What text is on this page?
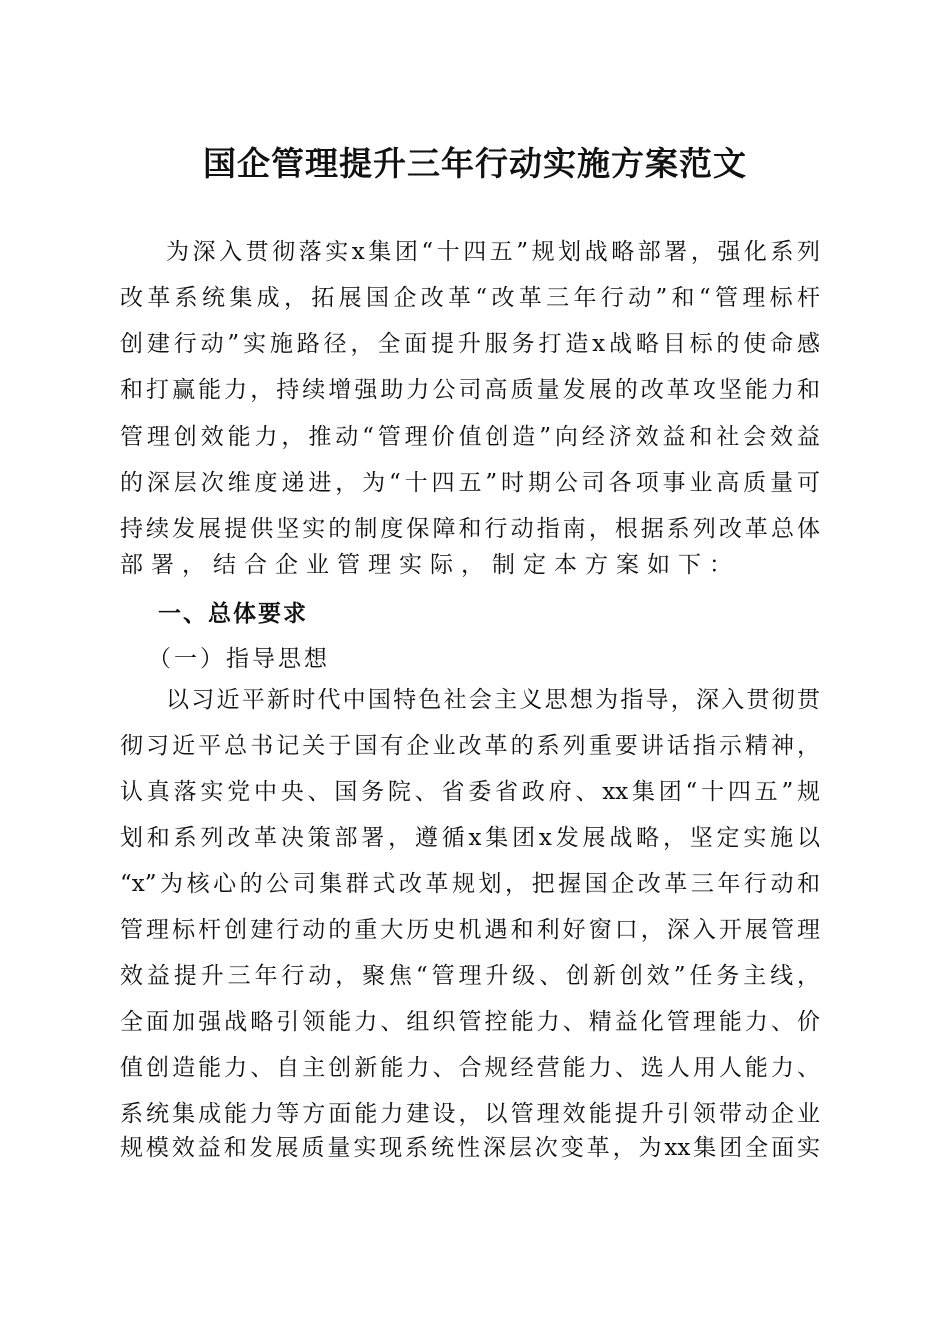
国企管理提升三年行动实施方案范文
为深入贯彻落实x集团“十四五”规划战略部署，强化系列
改革系统集成，拓展国企改革“改革三年行动”和“管理标杆
创建行动”实施路径，全面提升服务打造x战略目标的使命感
和打赢能力，持续增强助力公司高质量发展的改革攻坚能力和
管理创效能力，推动“管理价值创造”向经济效益和社会效益
的深层次维度递进，为“十四五”时期公司各项事业高质量可
持续发展提供坚实的制度保障和行动指南，根据系列改革总体
部署，结合企业管理实际，制定本方案如下：
一、总体要求
（一）指导思想
以习近平新时代中国特色社会主义思想为指导，深入贯彻贯
彻习近平总书记关于国有企业改革的系列重要讲话指示精神，
认真落实党中央、国务院、省委省政府、xx集团“十四五”规
划和系列改革决策部署，遵循x集团x发展战略，坚定实施以
“x”为核心的公司集群式改革规划，把握国企改革三年行动和
管理标杆创建行动的重大历史机遇和利好窗口，深入开展管理
效益提升三年行动，聚焦“管理升级、创新创效”任务主线，
全面加强战略引领能力、组织管控能力、精益化管理能力、价
值创造能力、自主创新能力、合规经营能力、选人用人能力、
系统集成能力等方面能力建设，以管理效能提升引领带动企业
规模效益和发展质量实现系统性深层次变革，为xx集团全面实
